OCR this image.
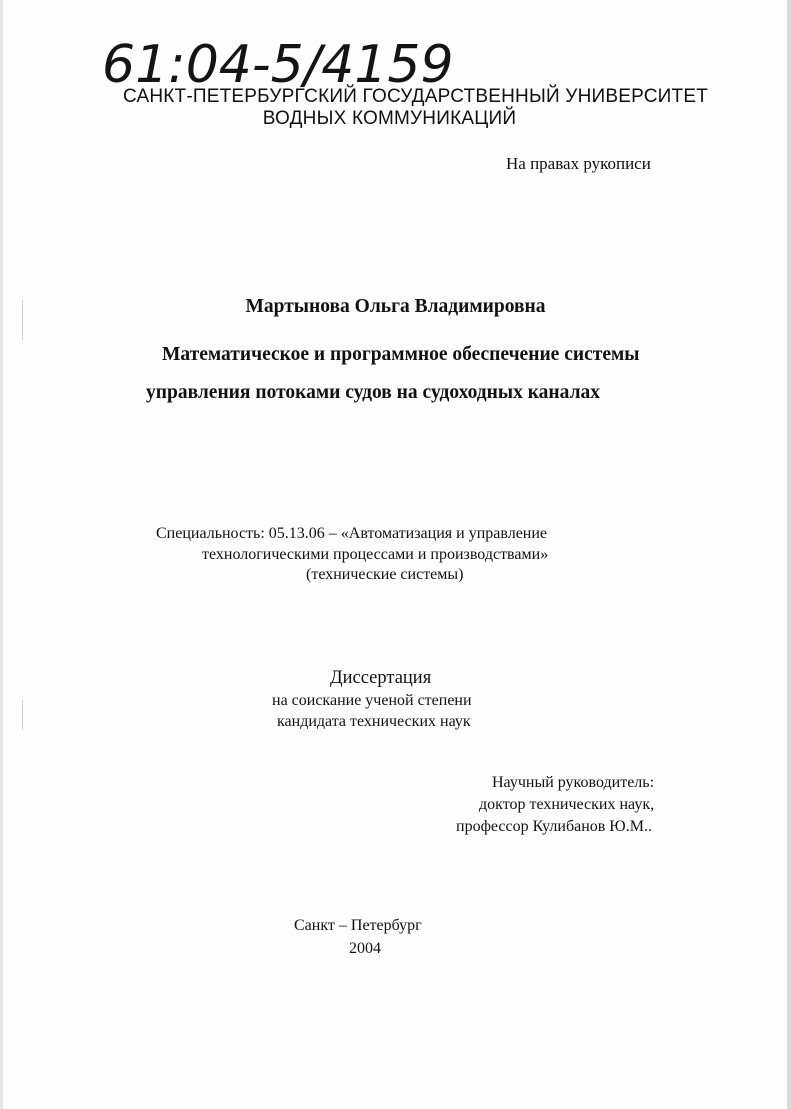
61:04-5/4159
САНКТ-ПЕТЕРБУРГСКИЙ ГОСУДАРСТВЕННЫЙ УНИВЕРСИТЕТ
ВОДНЫХ КОММУНИКАЦИЙ
На правах рукописи
Мартынова Ольга Владимировна
Математическое и программное обеспечение системы
управления потоками судов на судоходных каналах
Специальность: 05.13.06 – «Автоматизация и управление
технологическими процессами и производствами»
(технические системы)
Диссертация
на соискание ученой степени
кандидата технических наук
Научный руководитель:
доктор технических наук,
профессор Кулибанов Ю.М..
Санкт – Петербург
2004
